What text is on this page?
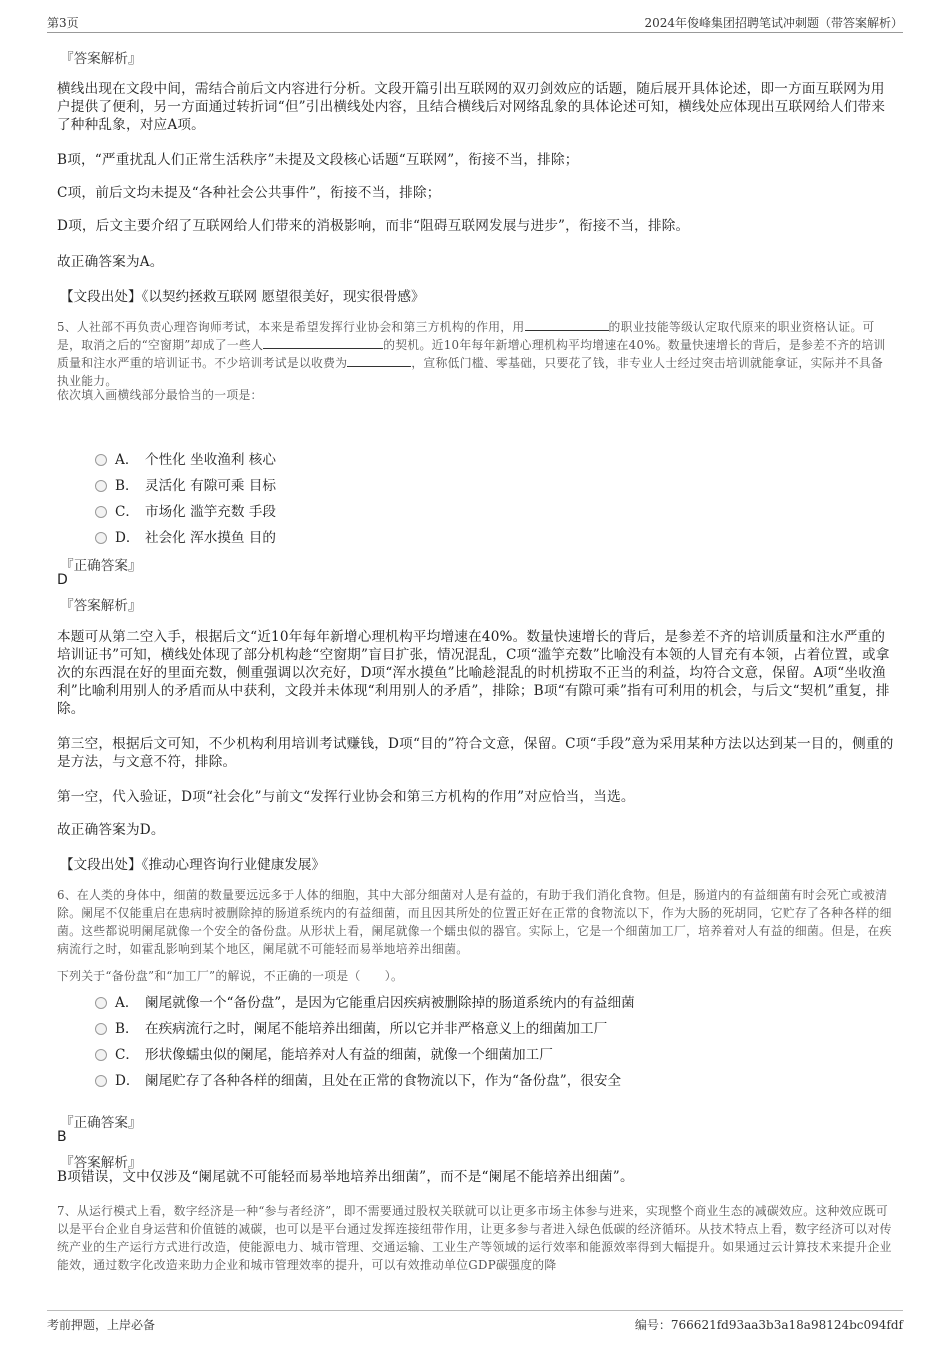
第3页	2024年俊峰集团招聘笔试冲刺题（带答案解析）
『答案解析』
横线出现在文段中间，需结合前后文内容进行分析。文段开篇引出互联网的双刃剑效应的话题，随后展开具体论述，即一方面互联网为用户提供了便利，另一方面通过转折词“但”引出横线处内容，且结合横线后对网络乱象的具体论述可知，横线处应体现出互联网给人们带来了种种乱象，对应A项。
B项，“严重扰乱人们正常生活秩序”未提及文段核心话题“互联网”，衔接不当，排除；
C项，前后文均未提及“各种社会公共事件”，衔接不当，排除；
D项，后文主要介绍了互联网给人们带来的消极影响，而非“阻碍互联网发展与进步”，衔接不当，排除。
故正确答案为A。
【文段出处】《以契约拯救互联网 愿望很美好，现实很骨感》
5、人社部不再负责心理咨询师考试，本来是希望发挥行业协会和第三方机构的作用，用	的职业技能等级认定取代原来的职业资格认证。可是，取消之后的“空窗期”却成了一些人	的契机。近10年每年新增心理机构平均增速在40%。数量快速增长的背后，是参差不齐的培训质量和注水严重的培训证书。不少培训考试是以收费为	，宣称低门槛、零基础，只要花了钱，非专业人士经过突击培训就能拿证，实际并不具备执业能力。
依次填入画横线部分最恰当的一项是：
A． 个性化 坐收渔利 核心
B． 灵活化 有隙可乘 目标
C． 市场化 滥竽充数 手段
D． 社会化 浑水摸鱼 目的
『正确答案』
D
『答案解析』
本题可从第二空入手，根据后文“近10年每年新增心理机构平均增速在40%。数量快速增长的背后，是参差不齐的培训质量和注水严重的培训证书”可知，横线处体现了部分机构趁“空窗期”盲目扩张，情况混乱，C项“滥竽充数”比喻没有本领的人冒充有本领，占着位置，或拿次的东西混在好的里面充数，侧重强调以次充好，D项“浑水摸鱼”比喻趁混乱的时机捞取不正当的利益，均符合文意，保留。A项“坐收渔利”比喻利用别人的矛盾而从中获利，文段并未体现“利用别人的矛盾”，排除；B项“有隙可乘”指有可利用的机会，与后文“契机”重复，排除。
第三空，根据后文可知，不少机构利用培训考试赚钱，D项“目的”符合文意，保留。C项“手段”意为采用某种方法以达到某一目的，侧重的是方法，与文意不符，排除。
第一空，代入验证，D项“社会化”与前文“发挥行业协会和第三方机构的作用”对应恰当，当选。
故正确答案为D。
【文段出处】《推动心理咨询行业健康发展》
6、在人类的身体中，细菌的数量要远远多于人体的细胞，其中大部分细菌对人是有益的，有助于我们消化食物。但是，肠道内的有益细菌有时会死亡或被清除。阑尾不仅能重启在患病时被删除掉的肠道系统内的有益细菌，而且因其所处的位置正好在正常的食物流以下，作为大肠的死胡同，它贮存了各种各样的细菌。这些都说明阑尾就像一个安全的备份盘。从形状上看，阑尾就像一个蠕虫似的器官。实际上，它是一个细菌加工厂，培养着对人有益的细菌。但是，在疾病流行之时，如霍乱影响到某个地区，阑尾就不可能轻而易举地培养出细菌。
下列关于“备份盘”和“加工厂”的解说，不正确的一项是（　　）。
A． 阑尾就像一个“备份盘”，是因为它能重启因疾病被删除掉的肠道系统内的有益细菌
B． 在疾病流行之时，阑尾不能培养出细菌，所以它并非严格意义上的细菌加工厂
C． 形状像蠕虫似的阑尾，能培养对人有益的细菌，就像一个细菌加工厂
D． 阑尾贮存了各种各样的细菌，且处在正常的食物流以下，作为“备份盘”，很安全
『正确答案』
B
『答案解析』
B项错误，文中仅涉及“阑尾就不可能轻而易举地培养出细菌”，而不是“阑尾不能培养出细菌”。
7、从运行模式上看，数字经济是一种“参与者经济”，即不需要通过股权关联就可以让更多市场主体参与进来，实现整个商业生态的减碳效应。这种效应既可以是平台企业自身运营和价值链的减碳，也可以是平台通过发挥连接纽带作用，让更多参与者进入绿色低碳的经济循环。从技术特点上看，数字经济可以对传统产业的生产运行方式进行改造，使能源电力、城市管理、交通运输、工业生产等领域的运行效率和能源效率得到大幅提升。如果通过云计算技术来提升企业能效，通过数字化改造来助力企业和城市管理效率的提升，可以有效推动单位GDP碳强度的降
考前押题，上岸必备	编号：766621fd93aa3b3a18a98124bc094fdf
